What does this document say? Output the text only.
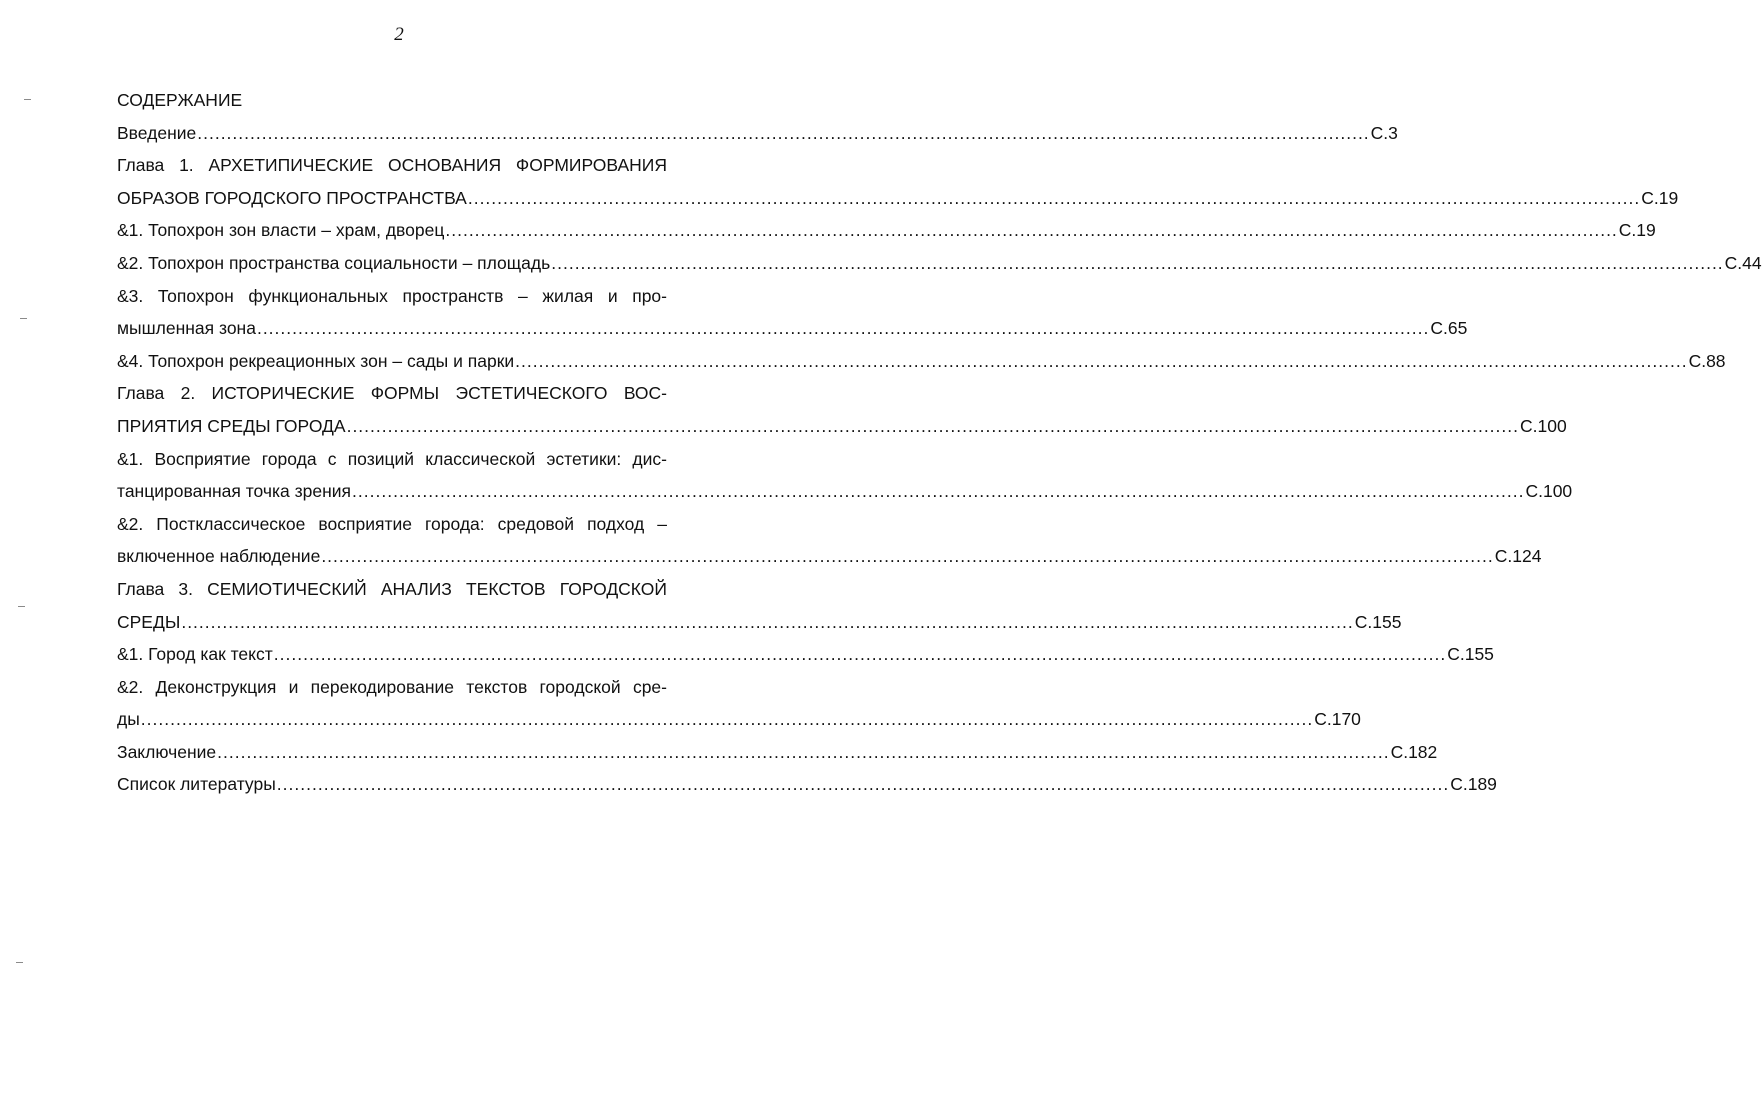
2
СОДЕРЖАНИЕ
Введение ........................................................................................................................................................................................................ С.3
Глава 1. АРХЕТИПИЧЕСКИЕ ОСНОВАНИЯ ФОРМИРОВАНИЯ
ОБРАЗОВ ГОРОДСКОГО ПРОСТРАНСТВА ........................................................................................................................................................................................................ С.19
&1. Топохрон зон власти – храм, дворец ........................................................................................................................................................................................................ С.19
&2. Топохрон пространства социальности – площадь ........................................................................................................................................................................................................ С.44
&3. Топохрон функциональных пространств – жилая и про-
мышленная зона ........................................................................................................................................................................................................ С.65
&4. Топохрон рекреационных зон – сады и парки ........................................................................................................................................................................................................ С.88
Глава 2. ИСТОРИЧЕСКИЕ ФОРМЫ ЭСТЕТИЧЕСКОГО ВОС-
ПРИЯТИЯ СРЕДЫ ГОРОДА ........................................................................................................................................................................................................ С.100
&1. Восприятие города с позиций классической эстетики: дис-
танцированная точка зрения ........................................................................................................................................................................................................ С.100
&2. Постклассическое восприятие города: средовой подход –
включенное наблюдение ........................................................................................................................................................................................................ С.124
Глава 3. СЕМИОТИЧЕСКИЙ АНАЛИЗ ТЕКСТОВ ГОРОДСКОЙ
СРЕДЫ ........................................................................................................................................................................................................ С.155
&1. Город как текст ........................................................................................................................................................................................................ С.155
&2. Деконструкция и перекодирование текстов городской сре-
ды ........................................................................................................................................................................................................ С.170
Заключение ........................................................................................................................................................................................................ С.182
Список литературы ........................................................................................................................................................................................................ С.189
